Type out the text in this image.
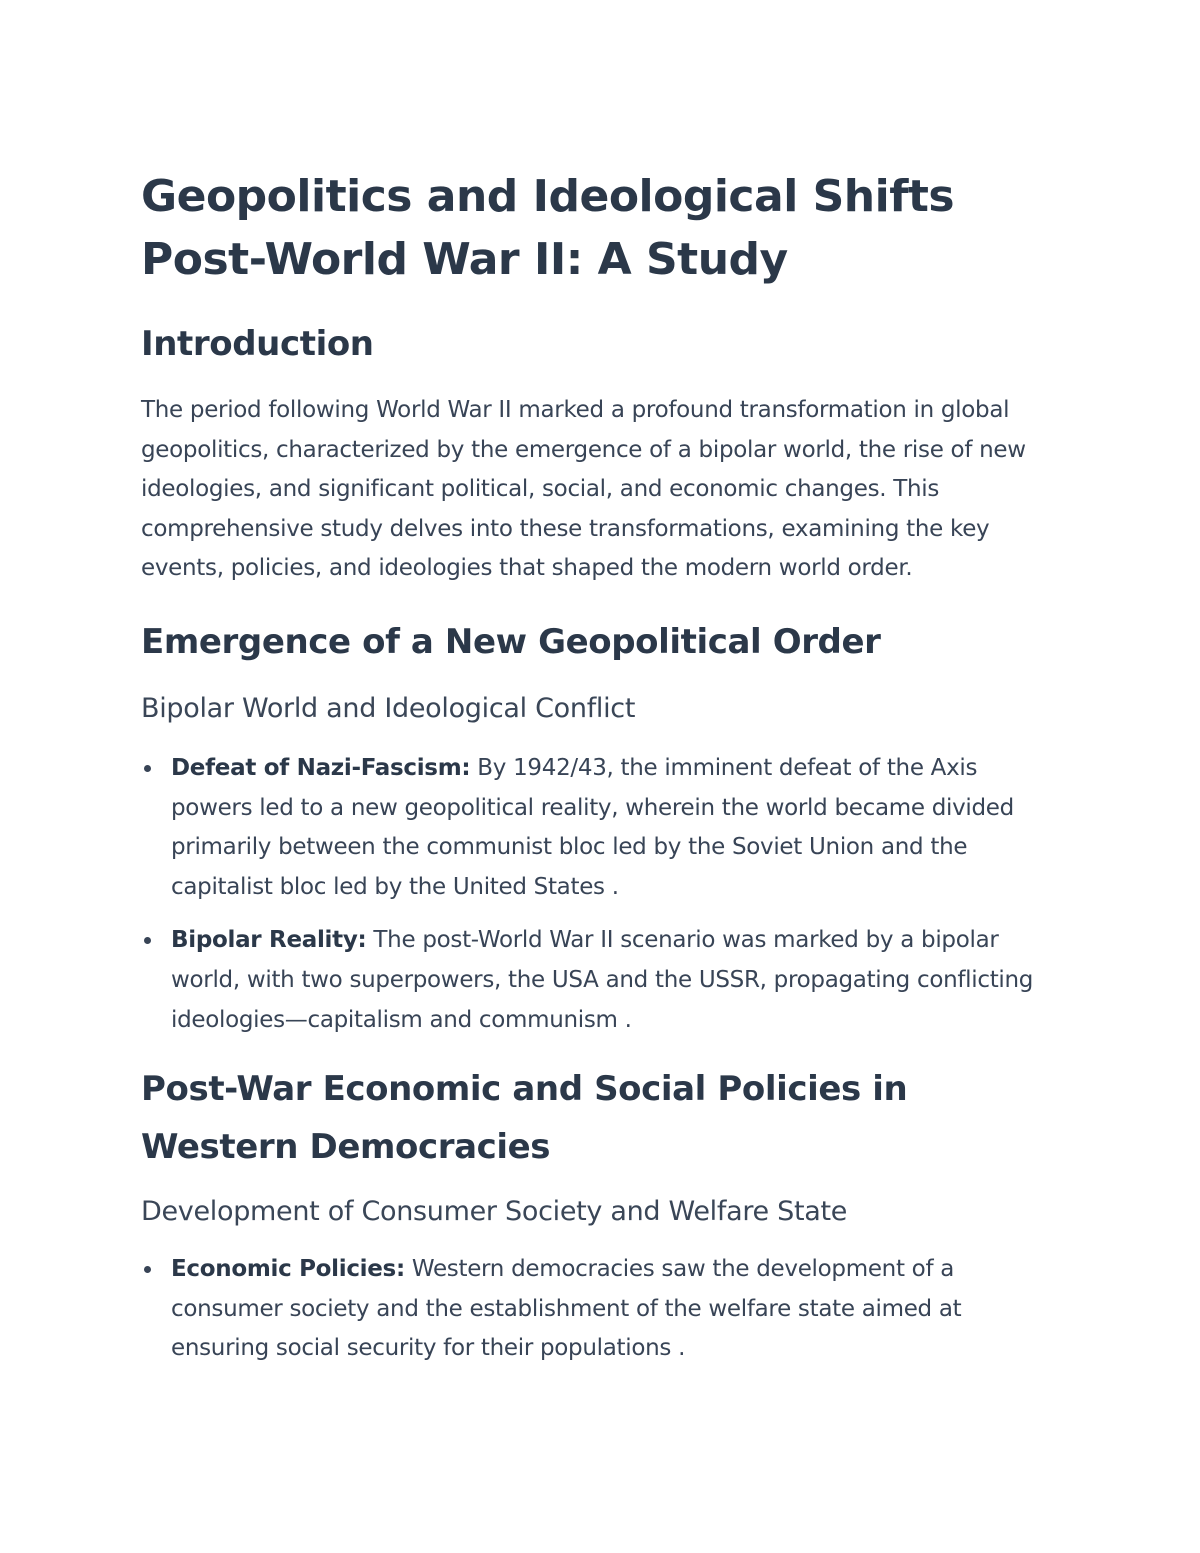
Geopolitics and Ideological Shifts Post-World War II: A Study
Introduction

The period following World War II marked a profound transformation in global geopolitics, characterized by the emergence of a bipolar world, the rise of new ideologies, and significant political, social, and economic changes. This comprehensive study delves into these transformations, examining the key events, policies, and ideologies that shaped the modern world order.

Emergence of a New Geopolitical Order
Bipolar World and Ideological Conflict
Defeat of Nazi-Fascism: By 1942/43, the imminent defeat of the Axis powers led to a new geopolitical reality, wherein the world became divided primarily between the communist bloc led by the Soviet Union and the capitalist bloc led by the United States .
Bipolar Reality: The post-World War II scenario was marked by a bipolar world, with two superpowers, the USA and the USSR, propagating conflicting ideologies—capitalism and communism .
Post-War Economic and Social Policies in Western Democracies
Development of Consumer Society and Welfare State
Economic Policies: Western democracies saw the development of a consumer society and the establishment of the welfare state aimed at ensuring social security for their populations .
